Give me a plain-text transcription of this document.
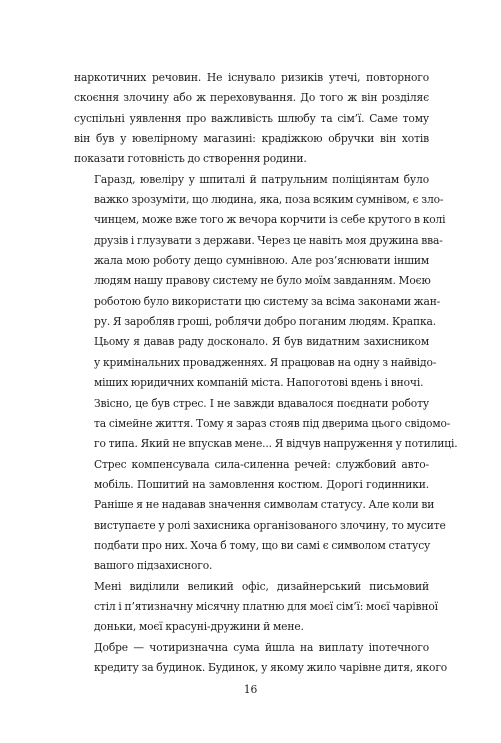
наркотичних речовин. Не існувало ризиків утечі, повторного
скоєння злочину або ж переховування. До того ж він розділяє
суспільні уявлення про важливість шлюбу та сім’ї. Саме тому
він був у ювелірному магазині: крадіжкою обручки він хотів
показати готовність до створення родини.
Гаразд, ювеліру у шпиталі й патрульним поліціянтам було
важко зрозуміти, що людина, яка, поза всяким сумнівом, є зло-
чинцем, може вже того ж вечора корчити із себе крутого в колі
друзів і глузувати з держави. Через це навіть моя дружина вва-
жала мою роботу дещо сумнівною. Але роз’яснювати іншим
людям нашу правову систему не було моїм завданням. Моєю
роботою було використати цю систему за всіма законами жан-
ру. Я заробляв гроші, роблячи добро поганим людям. Крапка.
Цьому я давав раду досконало. Я був видатним захисником
у кримінальних провадженнях. Я працював на одну з найвідо-
міших юридичних компаній міста. Напоготові вдень і вночі.
Звісно, це був стрес. І не завжди вдавалося поєднати роботу
та сімейне життя. Тому я зараз стояв під дверима цього свідомо-
го типа. Який не впускав мене... Я відчув напруження у потилиці.
Стрес компенсувала сила-силенна речей: службовий авто-
мобіль. Пошитий на замовлення костюм. Дорогі годинники.
Раніше я не надавав значення символам статусу. Але коли ви
виступаєте у ролі захисника організованого злочину, то мусите
подбати про них. Хоча б тому, що ви самі є символом статусу
вашого підзахисного.
Мені виділили великий офіс, дизайнерський письмовий
стіл і п’ятизначну місячну платню для моєї сім’ї: моєї чарівної
доньки, моєї красуні-дружини й мене.
Добре — чотиризначна сума йшла на виплату іпотечного
кредиту за будинок. Будинок, у якому жило чарівне дитя, якого
16
